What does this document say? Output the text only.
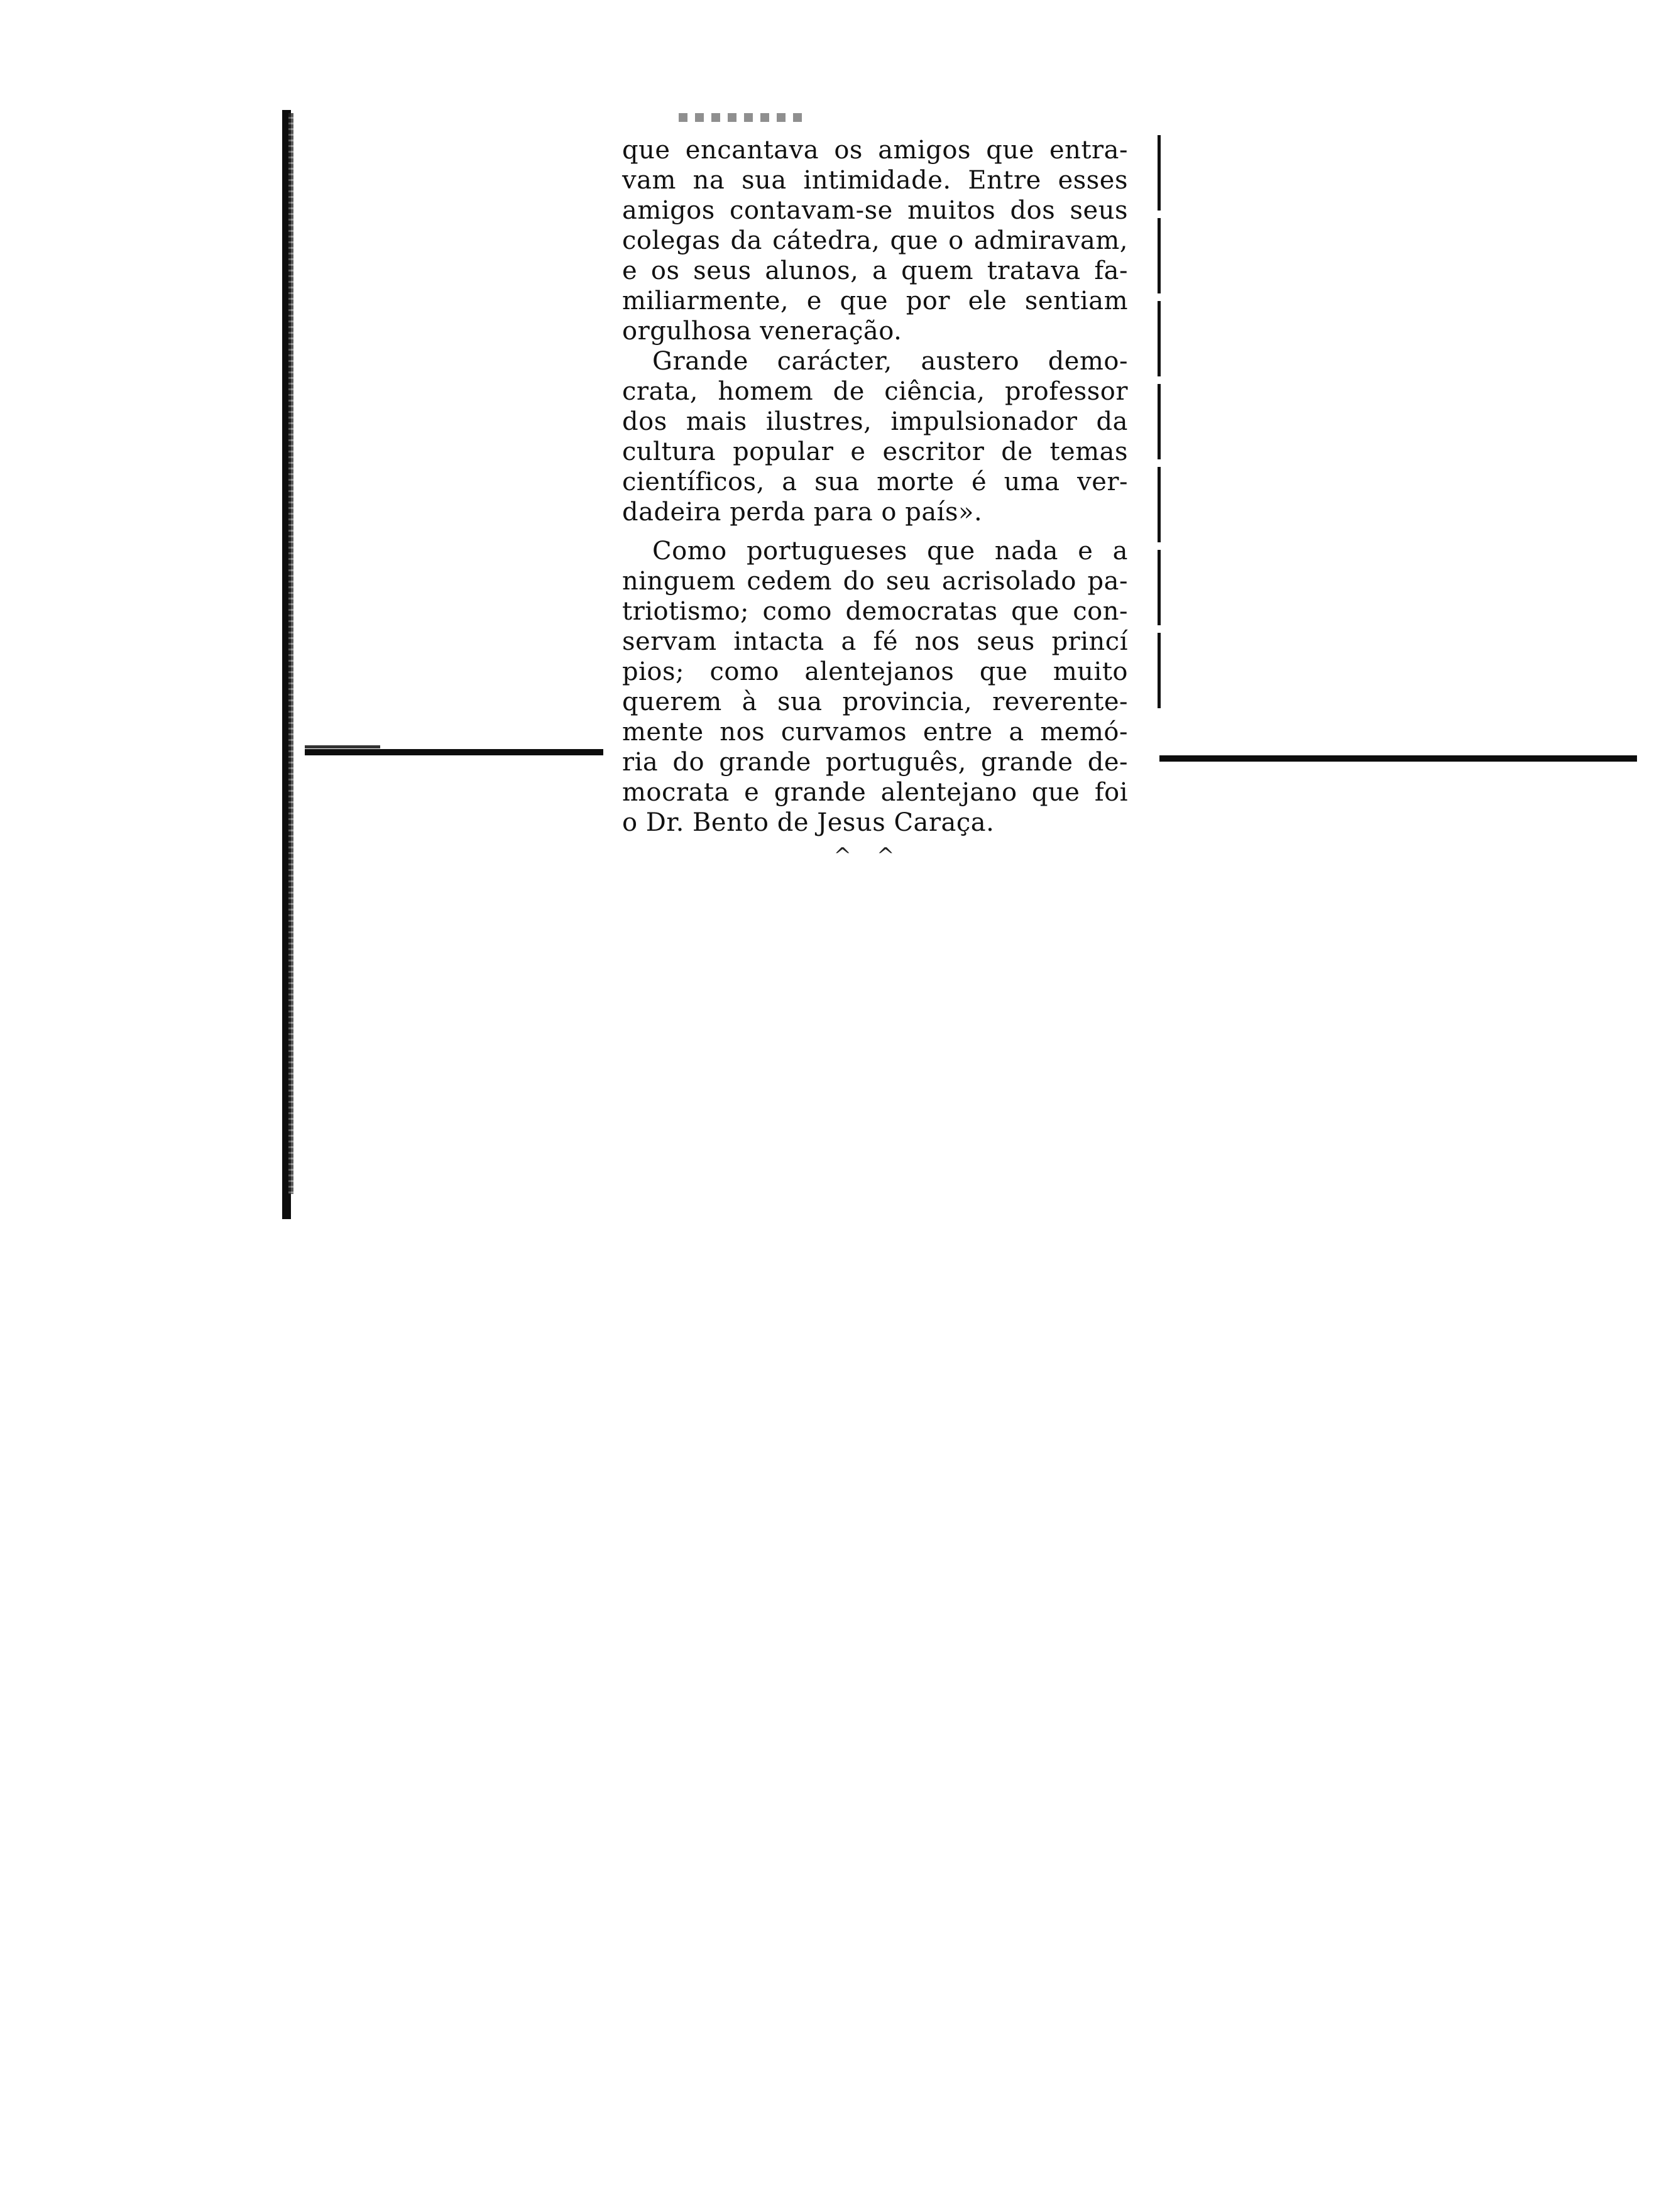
que encantava os amigos que entra-
vam na sua intimidade. Entre esses
amigos contavam-se muitos dos seus
colegas da cátedra, que o admiravam,
e os seus alunos, a quem tratava fa-
miliarmente, e que por ele sentiam
orgulhosa veneração.
Grande carácter, austero demo-
crata, homem de ciência, professor
dos mais ilustres, impulsionador da
cultura popular e escritor de temas
científicos, a sua morte é uma ver-
dadeira perda para o país».
Como portugueses que nada e a
ninguem cedem do seu acrisolado pa-
triotismo; como democratas que con-
servam intacta a fé nos seus princí
pios; como alentejanos que muito
querem à sua provincia, reverente-
mente nos curvamos entre a memó-
ria do grande português, grande de-
mocrata e grande alentejano que foi
o Dr. Bento de Jesus Caraça.
^^
